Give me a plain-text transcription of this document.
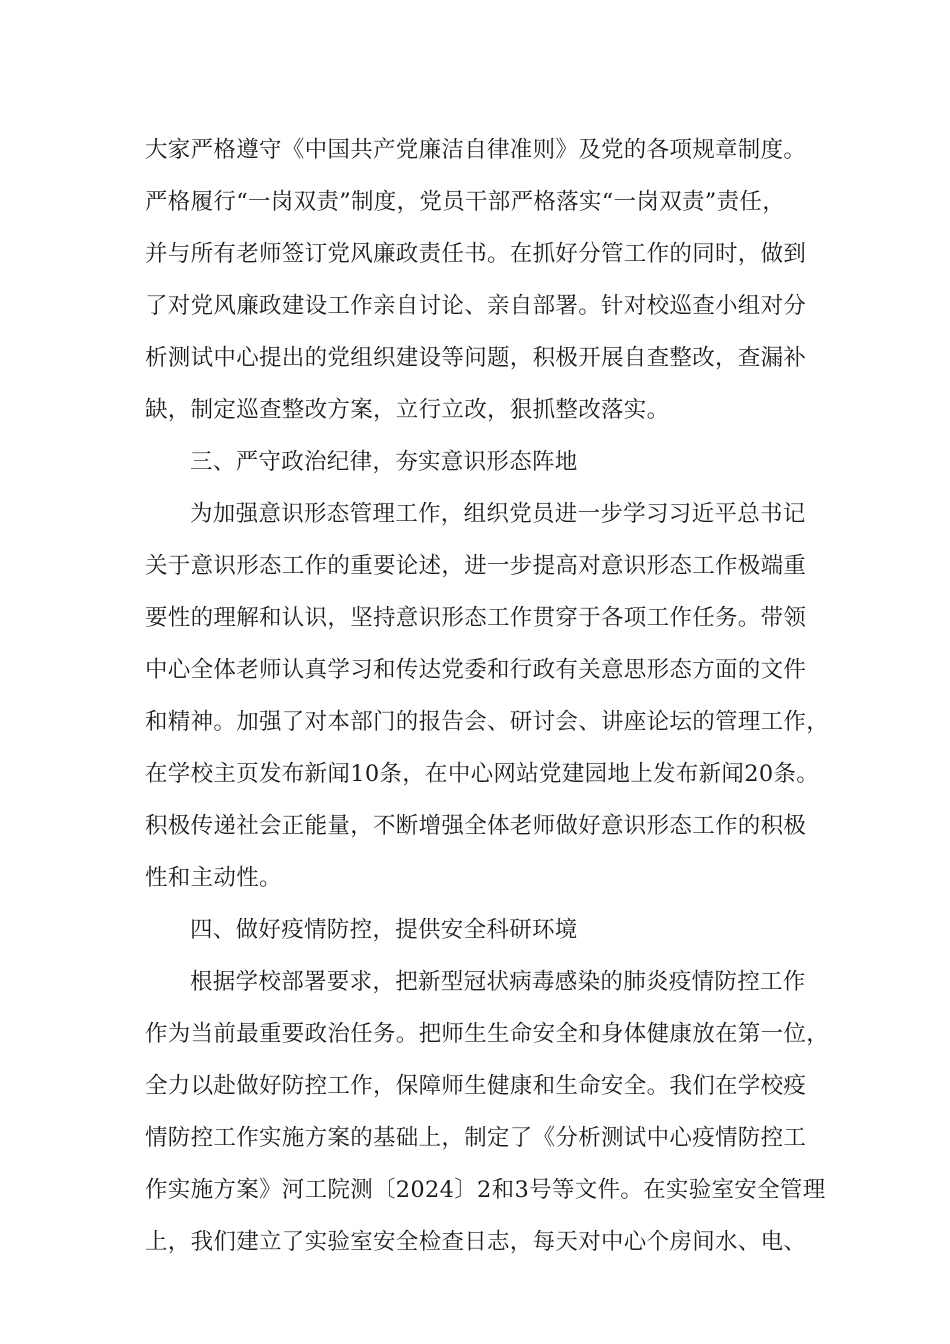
大家严格遵守《中国共产党廉洁自律准则》及党的各项规章制度。
严格履行“一岗双责”制度，党员干部严格落实“一岗双责”责任，
并与所有老师签订党风廉政责任书。在抓好分管工作的同时，做到
了对党风廉政建设工作亲自讨论、亲自部署。针对校巡查小组对分
析测试中心提出的党组织建设等问题，积极开展自查整改，查漏补
缺，制定巡查整改方案，立行立改，狠抓整改落实。
三、严守政治纪律，夯实意识形态阵地
为加强意识形态管理工作，组织党员进一步学习习近平总书记
关于意识形态工作的重要论述，进一步提高对意识形态工作极端重
要性的理解和认识，坚持意识形态工作贯穿于各项工作任务。带领
中心全体老师认真学习和传达党委和行政有关意思形态方面的文件
和精神。加强了对本部门的报告会、研讨会、讲座论坛的管理工作，
在学校主页发布新闻10条，在中心网站党建园地上发布新闻20条。
积极传递社会正能量，不断增强全体老师做好意识形态工作的积极
性和主动性。
四、做好疫情防控，提供安全科研环境
根据学校部署要求，把新型冠状病毒感染的肺炎疫情防控工作
作为当前最重要政治任务。把师生生命安全和身体健康放在第一位，
全力以赴做好防控工作，保障师生健康和生命安全。我们在学校疫
情防控工作实施方案的基础上，制定了《分析测试中心疫情防控工
作实施方案》河工院测〔2024〕2和3号等文件。在实验室安全管理
上，我们建立了实验室安全检查日志，每天对中心个房间水、电、
